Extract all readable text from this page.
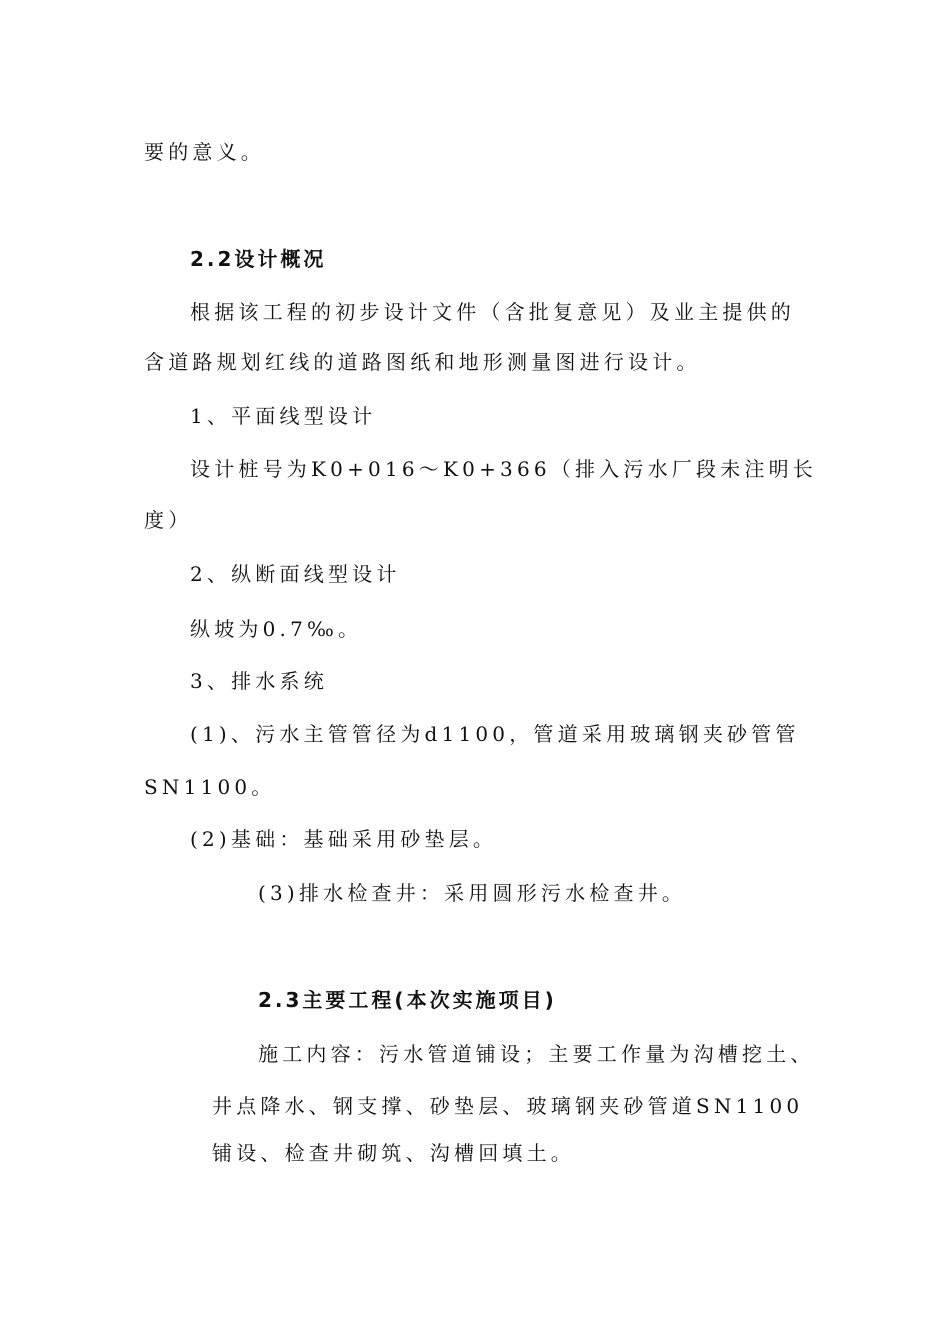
要的意义。
2.2设计概况
根据该工程的初步设计文件（含批复意见）及业主提供的
含道路规划红线的道路图纸和地形测量图进行设计。
1、平面线型设计
设计桩号为K0+016～K0+366（排入污水厂段未注明长
度）
2、纵断面线型设计
纵坡为0.7‰。
3、排水系统
(1)、污水主管管径为d1100，管道采用玻璃钢夹砂管管
SN1100。
(2)基础：基础采用砂垫层。
(3)排水检查井：采用圆形污水检查井。
2.3主要工程(本次实施项目)
施工内容：污水管道铺设；主要工作量为沟槽挖土、
井点降水、钢支撑、砂垫层、玻璃钢夹砂管道SN1100
铺设、检查井砌筑、沟槽回填土。
